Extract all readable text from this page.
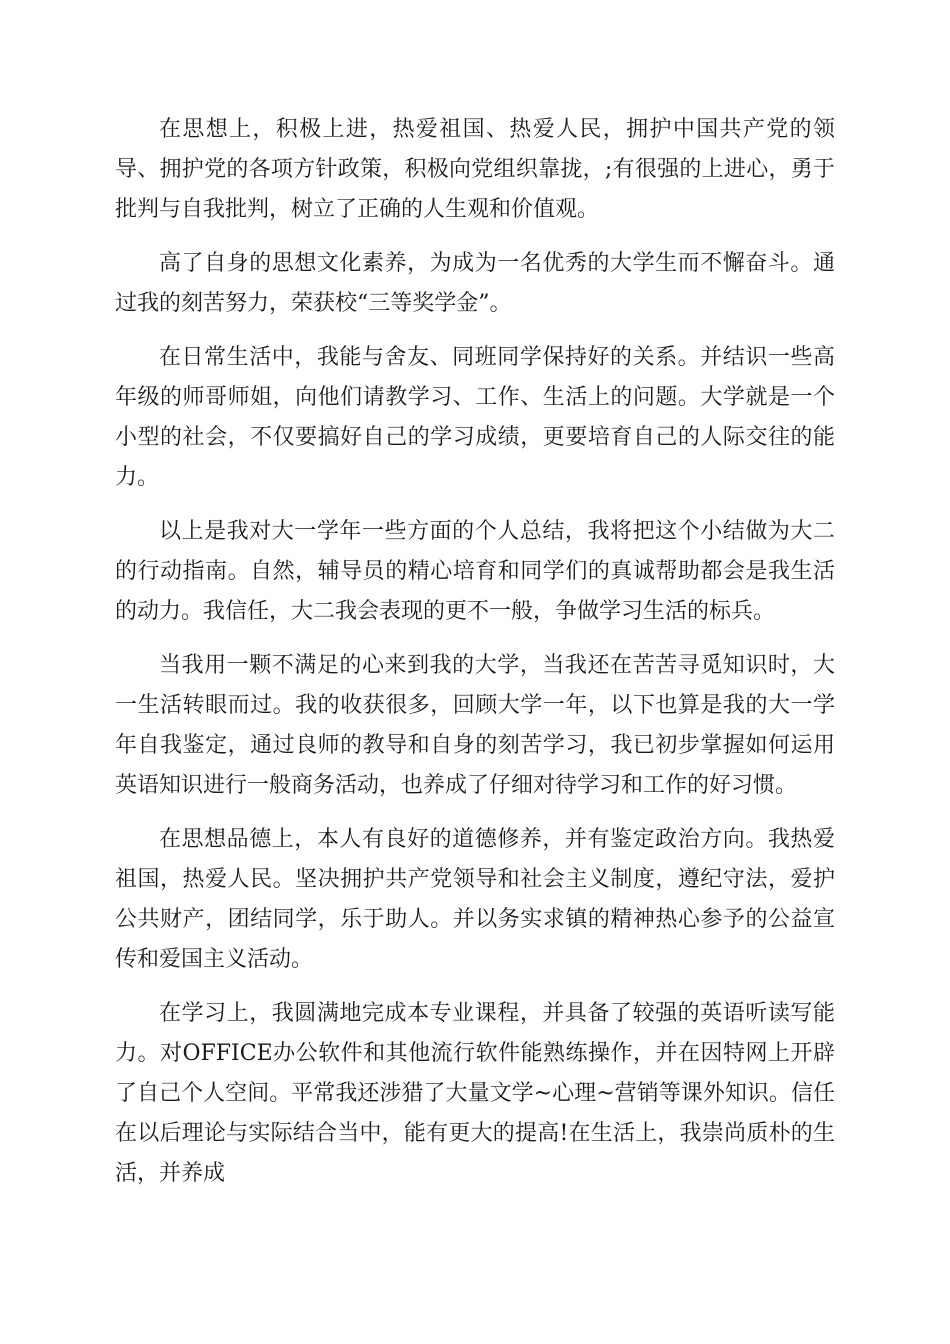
在思想上，积极上进，热爱祖国、热爱人民，拥护中国共产党的领导、拥护党的各项方针政策，积极向党组织靠拢，;有很强的上进心，勇于批判与自我批判，树立了正确的人生观和价值观。

高了自身的思想文化素养，为成为一名优秀的大学生而不懈奋斗。通过我的刻苦努力，荣获校“三等奖学金”。

在日常生活中，我能与舍友、同班同学保持好的关系。并结识一些高年级的师哥师姐，向他们请教学习、工作、生活上的问题。大学就是一个小型的社会，不仅要搞好自己的学习成绩，更要培育自己的人际交往的能力。

以上是我对大一学年一些方面的个人总结，我将把这个小结做为大二的行动指南。自然，辅导员的精心培育和同学们的真诚帮助都会是我生活的动力。我信任，大二我会表现的更不一般，争做学习生活的标兵。

当我用一颗不满足的心来到我的大学，当我还在苦苦寻觅知识时，大一生活转眼而过。我的收获很多，回顾大学一年，以下也算是我的大一学年自我鉴定，通过良师的教导和自身的刻苦学习，我已初步掌握如何运用英语知识进行一般商务活动，也养成了仔细对待学习和工作的好习惯。

在思想品德上，本人有良好的道德修养，并有鉴定政治方向。我热爱祖国，热爱人民。坚决拥护共产党领导和社会主义制度，遵纪守法，爱护公共财产，团结同学，乐于助人。并以务实求镇的精神热心参予的公益宣传和爱国主义活动。

在学习上，我圆满地完成本专业课程，并具备了较强的英语听读写能力。对OFFICE办公软件和其他流行软件能熟练操作，并在因特网上开辟了自己个人空间。平常我还涉猎了大量文学~心理~营销等课外知识。信任在以后理论与实际结合当中，能有更大的提高!在生活上，我崇尚质朴的生活，并养成
